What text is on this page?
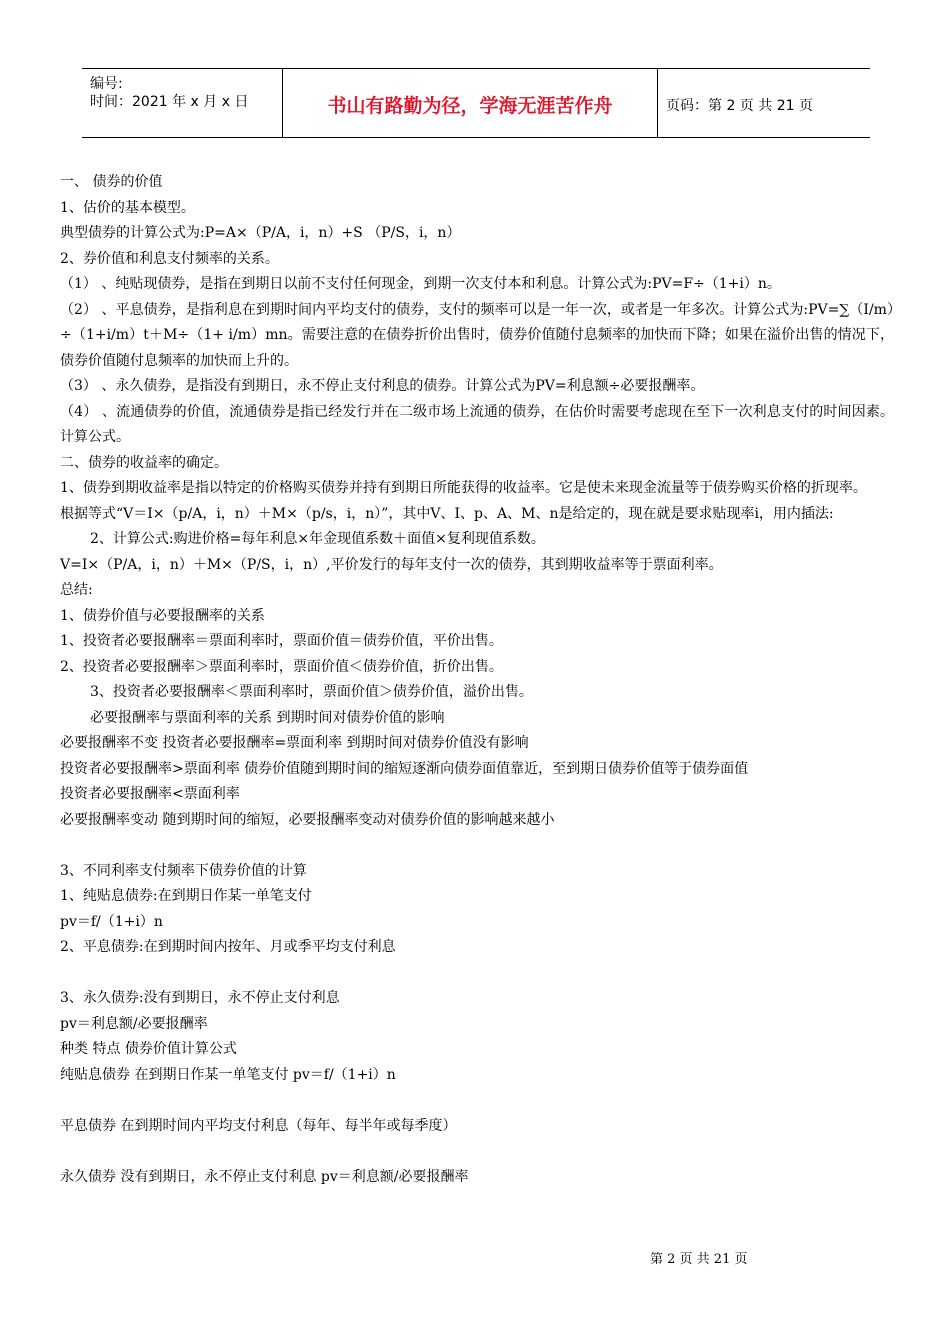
编号:
时间：2021 年 x 月 x 日	书山有路勤为径，学海无涯苦作舟	页码：第 2 页 共 21 页
一、 债券的价值
1、估价的基本模型。
典型债券的计算公式为:P=A×（P/A，i，n）+S （P/S，i，n）
2、券价值和利息支付频率的关系。
（1） 、纯贴现债券，是指在到期日以前不支付任何现金，到期一次支付本和利息。计算公式为:PV=F÷（1+i）n。
（2） 、平息债券，是指利息在到期时间内平均支付的债券，支付的频率可以是一年一次，或者是一年多次。计算公式为:PV=∑（I/m）÷（1+i/m）t＋M÷（1+ i/m）mn。需要注意的在债券折价出售时，债券价值随付息频率的加快而下降；如果在溢价出售的情况下，债券价值随付息频率的加快而上升的。
（3） 、永久债券，是指没有到期日，永不停止支付利息的债券。计算公式为PV=利息额÷必要报酬率。
（4） 、流通债券的价值，流通债券是指已经发行并在二级市场上流通的债券，在估价时需要考虑现在至下一次利息支付的时间因素。计算公式。
二、债券的收益率的确定。
1、债券到期收益率是指以特定的价格购买债券并持有到期日所能获得的收益率。它是使未来现金流量等于债券购买价格的折现率。
根据等式“V＝I×（p/A，i，n）＋M×（p/s，i，n）”，其中V、I、p、A、M、n是给定的，现在就是要求贴现率i，用内插法:
2、计算公式:购进价格=每年利息×年金现值系数＋面值×复利现值系数。
V=I×（P/A，i，n）＋M×（P/S，i，n）,平价发行的每年支付一次的债券，其到期收益率等于票面利率。
总结:
1、债券价值与必要报酬率的关系
1、投资者必要报酬率＝票面利率时，票面价值＝债券价值，平价出售。
2、投资者必要报酬率＞票面利率时，票面价值＜债券价值，折价出售。
3、投资者必要报酬率＜票面利率时，票面价值＞债券价值，溢价出售。
必要报酬率与票面利率的关系 到期时间对债券价值的影响
必要报酬率不变 投资者必要报酬率=票面利率 到期时间对债券价值没有影响
投资者必要报酬率>票面利率 债券价值随到期时间的缩短逐渐向债券面值靠近，至到期日债券价值等于债券面值
投资者必要报酬率<票面利率
必要报酬率变动 随到期时间的缩短，必要报酬率变动对债券价值的影响越来越小
3、不同利率支付频率下债券价值的计算
1、纯贴息债券:在到期日作某一单笔支付
pv＝f/（1+i）n
2、平息债券:在到期时间内按年、月或季平均支付利息
3、永久债券:没有到期日，永不停止支付利息
pv＝利息额/必要报酬率
种类 特点 债券价值计算公式
纯贴息债券 在到期日作某一单笔支付 pv＝f/（1+i）n
平息债券 在到期时间内平均支付利息（每年、每半年或每季度）
永久债券 没有到期日，永不停止支付利息 pv＝利息额/必要报酬率
第 2 页 共 21 页
